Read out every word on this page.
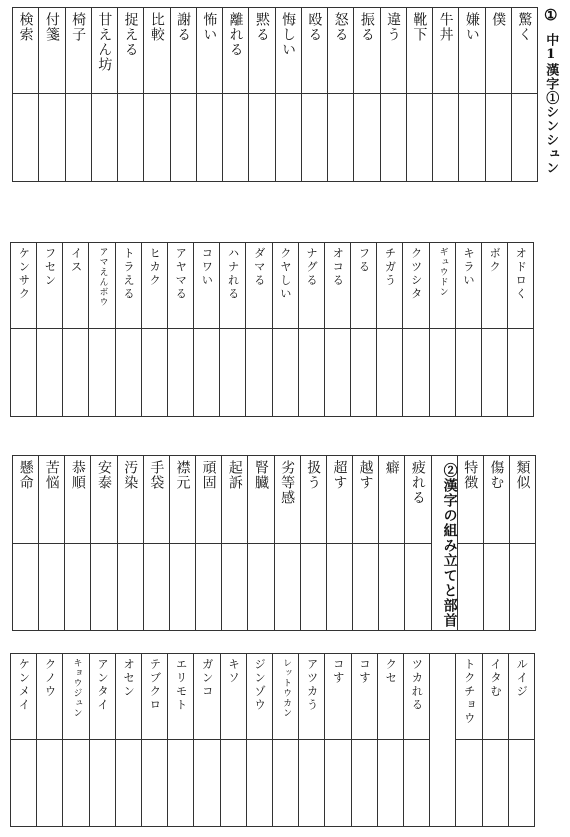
①
中1漢字①シンシュン
検索 付箋 椅子 甘えん坊 捉える 比較 謝る 怖い 離れる 黙る 悔しい 殴る 怒る 振る 違う 靴下 牛丼 嫌い 僕 驚く
ケンサク フセン イス アマえんボウ トラえる ヒカク アヤマる コワい ハナれる ダマる クヤしい ナグる オコる フる チガう クツシタ ギュウドン キラい ボク オドロく
懸命 苦悩 恭順 安泰 汚染 手袋 襟元 頑固 起訴 腎臓 劣等感 扱う 超す 越す 癖 疲れる	②漢字の組み立てと部首 特徴 傷む 類似
ケンメイ クノウ キョウジュン アンタイ オセン テブクロ エリモト ガンコ キソ ジンゾウ レットウカン アツカう コす コす クセ ツカれる	トクチョウ イタむ ルイジ
